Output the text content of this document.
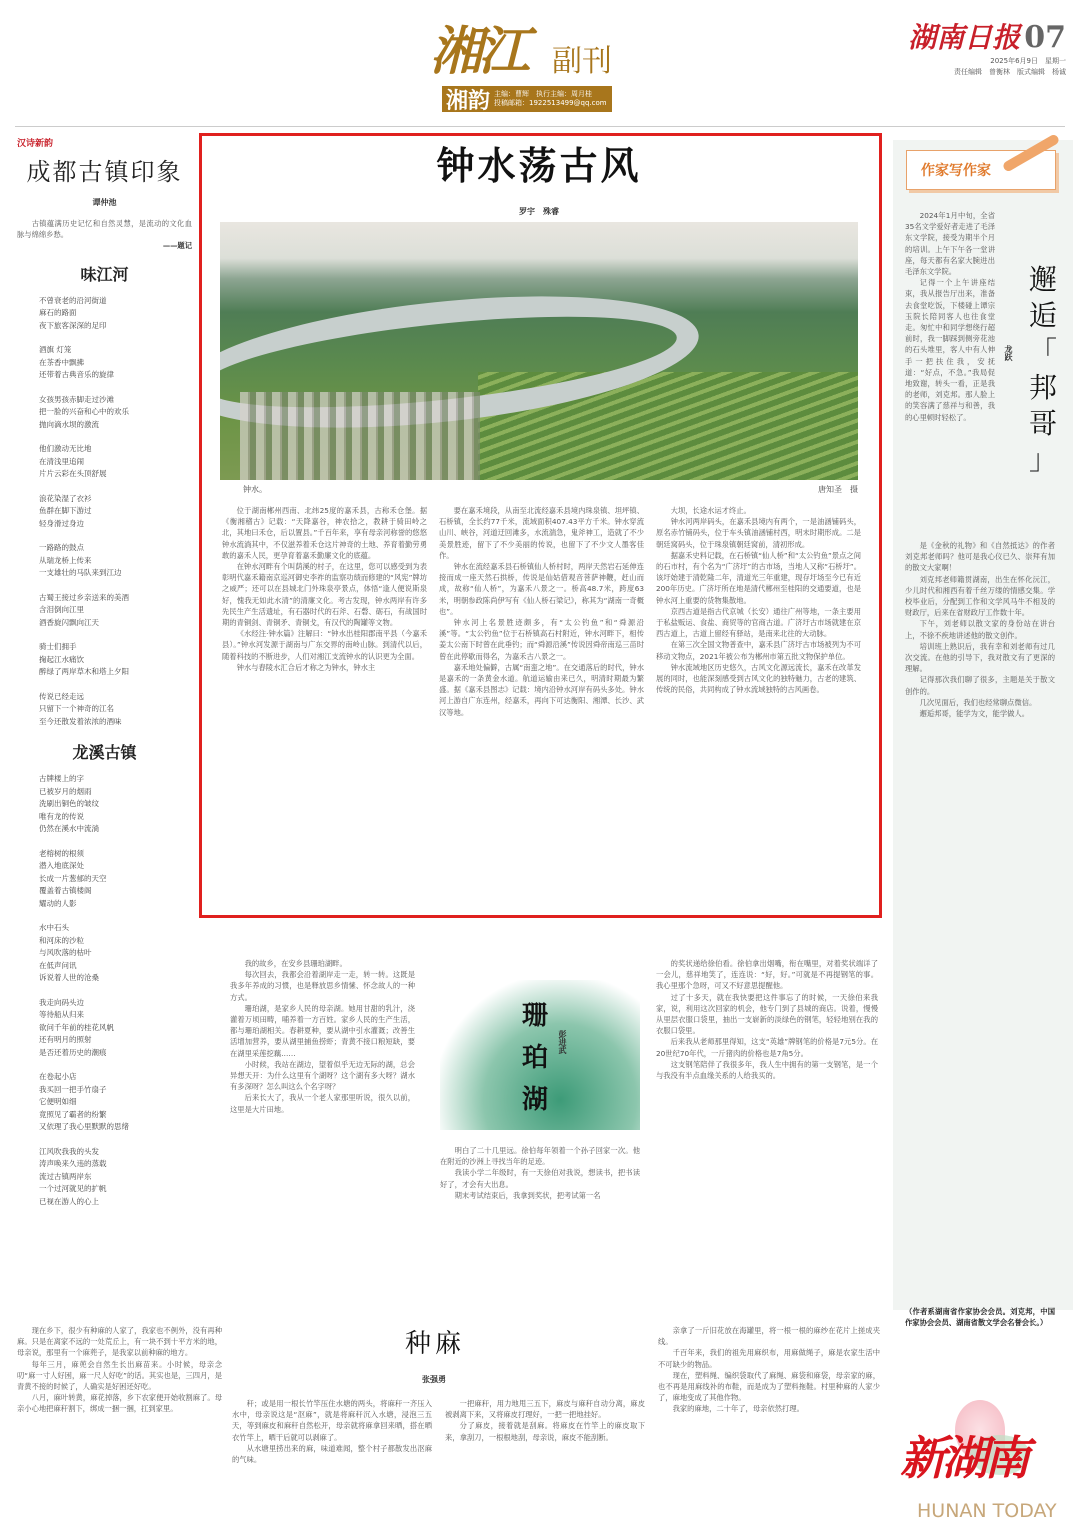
湘江 副刊
湘韵 主编：曹辉　执行主编：周月桂
投稿邮箱：1922513499@qq.com
湖南日报 07
2025年6月9日　星期一
责任编辑　曾衡林　版式编辑　杨诚
汉诗新韵
成都古镇印象
谭仲池
古镇蕴满历史记忆和自然灵慧，是流动的文化血脉与绵绵乡愁。
——题记
味江河
不曾衰老的沿河街道
麻石的路面
夜下旅客深深的足印
酒旗 灯笼
在茶香中飘拂
还带着古典音乐的旋律
女孩男孩赤脚走过沙滩
把一脸的兴奋和心中的欢乐
抛向滴水坝的激流
他们激动无比地
在清浅里追闹
片片云彩在头顶舒展
浪花染湿了衣衫
鱼群在脚下游过
轻身滑过身边
一路路的鼓点
从瑞龙桥上传来
一支雄壮的马队来到江边
古蜀王接过乡亲送来的美酒
含泪倒向江里
酒香旋闪飘向江天
骑士们拥手
掬起江水痛饮
醉绿了两岸草木和塔上夕阳
传说已经走远
只留下一个神奇的江名
至今还散发着浓浓的酒味
龙溪古镇
古牌楼上的字
已被岁月的烟雨
洗刷出铜色的皱纹
唯有龙的传说
仍然在溪水中流淌
老榕树的根须
潜入地底深处
长成一片葱郁的天空
覆盖着古镇楼阁
耀动的人影
水中石头
和河床的沙粒
与风吹落的枯叶
在低声问讯
诉说着人世的沧桑
我走向码头边
等待船从归来
欲问千年前的桂花风帆
还有明月的照射
是否还着历史的潮痕
在卷起小店
我买回一把手竹扇子
它便明如细
竟照见了霸者的纷繁
又依理了我心里默默的思绪
江风吹我我的头发
涛声唤来久违的蒸载
流过古镇两岸东
一个过河就见的扩帆
已视在游人的心上
钟水荡古风
罗宇　殊睿
钟水。	唐知圣　摄

位于湖南郴州西南、北纬25度的嘉禾县，古称禾仓堡。据《衡湘稽古》记载：“天降嘉谷，神农拾之，教耕于骑田岭之北，其地曰禾仓，后以置县。”千百年来，享有母亲河称誉的悠悠钟水流淌其中，不仅滋养着禾仓这片神奇的土地、养育着勤劳勇敢的嘉禾人民，更孕育着嘉禾勤廉文化的底蕴。

在钟水河畔有个叫荫溪的村子，在这里，您可以感受到为表彰明代嘉禾籍南京巡河御史李祚的监察功绩而修建的“风宪”牌坊之威严；还可以在县城北门外珠泉亭景点，体悟“逢人便说斯泉好，愧我无如此水清”的清廉文化。考古发现，钟水两岸有许多先民生产生活遗址，有石器时代的石斧、石磬、砺石，有战国时期的青铜剑、青铜矛、青铜戈，有汉代的陶罐等文物。

《水经注·钟水篇》注解曰：“钟水出桂阳郡南平县（今嘉禾县）。”钟水河发源于湖南与广东交界的南岭山脉。到清代以后，随着科技的不断进步，人们对湘江支流钟水的认识更为全面。

钟水与舂陵水汇合后才称之为钟水，钟水主

要在嘉禾境段，从南至北流经嘉禾县境内珠泉镇、坦坪镇、石桥镇，全长约77千米，流域面积407.43平方千米。钟水穿流山川、峡谷，河道迂回滩多，水流湍急，鬼斧神工，造就了不少美景胜迹，留下了不少美丽的传说，也留下了不少文人墨客佳作。

钟水在流经嘉禾县石桥镇仙人桥村时，两岸天然岩石延伸连接而成一座天然石拱桥，传说是仙姑借观音菩萨神鞭，赶山而成，故称“仙人桥”，为嘉禾八景之一。桥高48.7米，跨度63米，明朝参政陈尚伊写有《仙人桥石梁记》，称其为“湖南一奇概也”。

钟水河上名景胜迹颇多，有“太公钓鱼”和“舜源沿溪”等。“太公钓鱼”位于石桥镇高石村附近，钟水河畔下，相传姜太公南下时曾在此垂钓；而“舜源沿溪”传说因舜帝南巡三苗时曾在此停歇而得名，为嘉禾古八景之一。

嘉禾地处偏僻，古属“南蛮之地”。在交通落后的时代，钟水是嘉禾的一条黄金水道。航道运输由来已久，明清时期最为繁盛。据《嘉禾县图志》记载：境内沿钟水河岸有码头多处。钟水河上游自广东连州，经嘉禾，再向下可达衡阳、湘潭、长沙、武汉等地。

大坝，长途水运才终止。

钟水河两岸码头，在嘉禾县境内有两个，一是油涵铺码头，原名赤竹铺码头，位于车头镇油涵铺村西，明末时期形成。二是朝廷窝码头，位于珠泉镇朝廷窝前，清初形成。

据嘉禾史料记载，在石桥镇“仙人桥”和“太公钓鱼”景点之间的石市村，有个名为“广济圩”的古市场，当地人又称“石桥圩”。该圩始建于清乾隆二年，清道光三年重建，现存圩场至今已有近200年历史。广济圩所在地是清代郴州至桂阳的交通要道，也是钟水河上重要的货物集散地。

京西古道是指古代京城（长安）通往广州等地，一条主要用于私盐贩运、食盐、商贸等的官商古道。广济圩古市场就建在京西古道上，古道上留经有驿站，是南来北往的大动脉。

在第三次全国文物普查中，嘉禾县广济圩古市场被列为不可移动文物点，2021年被公布为郴州市第五批文物保护单位。

钟水流域地区历史悠久，古风文化源远流长，嘉禾在改革发展的同时，也能深刻感受到古风文化的独特魅力，古老的建筑、传统的民俗，共同构成了钟水流域独特的古风画卷。

我的故乡，在安乡县珊珀湖畔。

每次回去，我都会沿着湖岸走一走，转一转。这既是我多年养成的习惯，也是释放思乡情愫、怀念故人的一种方式。

珊珀湖，是家乡人民的母亲湖。她用甘甜的乳汁，浇灌着万顷田畴，哺养着一方百姓。家乡人民的生产生活，都与珊珀湖相关。春耕夏种，要从湖中引水灌溉；改善生活增加营养，要从湖里捕鱼捞虾；青黄不接口粮短缺，要在湖里采莲挖藕……

小时候，我站在湖边，望着似乎无边无际的湖，总会异想天开：为什么这里有个湖呀？这个湖有多大呀？湖水有多深呀？怎么叫这么个名字呀？

后来长大了，我从一个老人家那里听说，很久以前，这里是大片田地。

珊
珀
湖
彭进武

明白了二十几里远。徐伯每年领着一个孙子回家一次。他在附近的沙洲上寻找当年的足迹。

我读小学二年级时，有一天徐伯对我说，想读书，把书读好了，才会有大出息。

期末考试结束后，我拿到奖状，把考试第一名

的奖状递给徐伯看。徐伯拿出烟嘴，衔在嘴里，对着奖状端详了一会儿，慈祥地笑了，连连说：“好，好。”可就是不再提钢笔的事。我心里那个急呀，可又不好意思提醒他。

过了十多天，就在我快要把这件事忘了的时候，一天徐伯来我家，说，利用这次回家的机会，他专门到了县城的商店。说着，慢慢从里层衣服口袋里，抽出一支崭新的淡绿色的钢笔，轻轻地别在我的衣服口袋里。

后来我从老师那里得知，这支“英雄”牌钢笔的价格是7元5分。在20世纪70年代，一斤猪肉的价格也是7角5分。

这支钢笔陪伴了我很多年，我人生中拥有的第一支钢笔，是一个与我没有半点血缘关系的人给我买的。

作家写作家
邂
逅
「
邦
哥
」
龙跃

2024年1月中旬，全省35名文学爱好者走进了毛泽东文学院，接受为期半个月的培训。上午下午各一堂讲座，每天都有名家大腕进出毛泽东文学院。

记得一个上午讲座结束，我从报告厅出来，准备去食堂吃饭，下楼碰上谭宗玉院长陪同客人也往食堂走。匆忙中和同学想绕行超前时，我一脚踩到侧旁花池的石头堆里，客人中有人伸手一把扶住我，安抚道：“好点，不急。”我局促地致谢，转头一看，正是我的老师，刘克邦。那人脸上的笑容满了慈祥与和善，我的心里顿时轻松了。

是《金秋的礼物》和《自然抵达》的作者刘克邦老师吗？他可是我心仪已久、崇拜有加的散文大家啊！

刘克邦老师籍贯湖南，出生在怀化沅江，少儿时代和湘西有着千丝万缕的情感交集。学校毕业后，分配到工作和文学风马牛不相及的财政厅，后来在省财政厅工作数十年。

下午，刘老师以散文家的身份站在讲台上，不徐不疾地讲述他的散文创作。

培训班上熟识后，我有幸和刘老师有过几次交流。在他的引导下，我对散文有了更深的理解。

记得那次我们聊了很多，主题是关于散文创作的。

几次见面后，我们也经常聊点微信。

邂逅邦哥，能学为文，能学做人。

（作者系湖南省作家协会会员。刘克邦，中国作家协会会员、湖南省散文学会名誉会长。）

现在乡下，很少有种麻的人家了，我家也不例外，没有再种麻。只是在离家不远的一处荒丘上，有一块不到十平方米的地，母亲说，那里有一个麻蔸子，是我家以前种麻的地方。

每年三月，麻蔸会自然生长出麻苗来。小时候，母亲念叨“麻一寸人好困，麻一尺人好吃”的话。其实也是，三四月，是青黄不接的时候了，人确实是好困还好吃。

八月，麻叶转黄，麻花掉落，乡下农家便开始收割麻了。母亲小心地把麻秆割下，绑成一捆一捆，扛到家里。

种麻
张强勇

秆；或是用一根长竹竿压住水塘的两头，将麻秆一齐压入水中，母亲说这是“沤麻”，就是将麻秆沉入水塘，浸泡三五天，等到麻皮和麻秆自然松开，母亲就将麻拿回来晒，搭在晒衣竹竿上，晒干后就可以剥麻了。

从水塘里捞出来的麻，味道难闻，整个村子都散发出沤麻的气味。

一把麻秆，用力地甩三五下，麻皮与麻秆自动分离，麻皮被剥离下来，又将麻皮打理好，一把一把地挂好。

分了麻皮，接着就是刮麻。将麻皮在竹竿上的麻皮取下来，拿刮刀，一根根地刮，母亲说，麻皮不能刮断。

亲拿了一斤旧花放在海罐里，将一根一根的麻纱在花片上搓成夹线。

千百年来，我们的祖先用麻织布，用麻做绳子，麻是农家生活中不可缺少的物品。

现在，塑料绳、编织袋取代了麻绳、麻袋和麻袋，母亲家的麻，也不再是用麻线补的布鞋，而是成为了塑料拖鞋。村里种麻的人家少了，麻地变成了其他作物。

我家的麻地，二十年了，母亲依然打理。

新湖南
HUNAN TODAY
